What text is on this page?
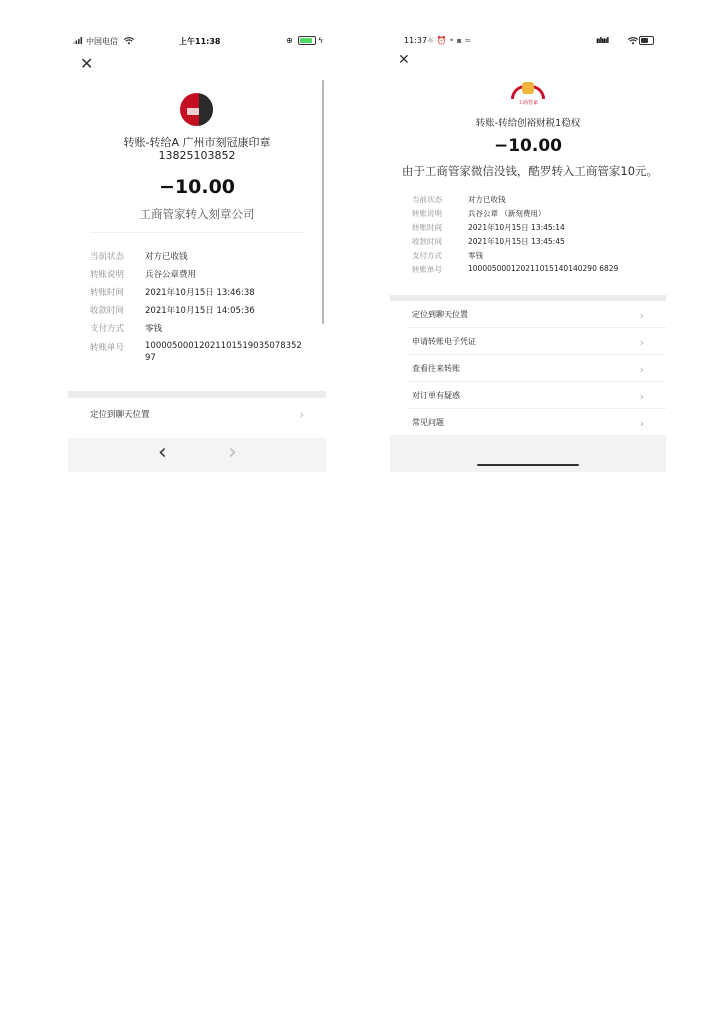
中国电信	上午11:38	⊕	ϟ
✕
转账-转给A 广州市刻冠康印章
13825103852
−10.00
工商管家转入刻章公司
当前状态 对方已收钱
转账说明 兵谷公章费用
转账时间 2021年10月15日 13:46:38
收款时间 2021年10月15日 14:05:36
支付方式 零钱
转账单号 10000500012021101519035078352
97
定位到聊天位置	›
‹	›
11:37 ☼ ⏰ • ▪ ≈	ıılıııl
✕
工商管家
转账-转给创裕财税1稳权
−10.00
由于工商管家微信没钱，酷罗转入工商管家10元。
当前状态	对方已收钱
转账说明	兵谷公章 （新刻费用）
转账时间	2021年10月15日 13:45:14
收款时间	2021年10月15日 13:45:45
支付方式	零钱
转账单号	100005000120211015140140290 6829
定位到聊天位置	›
申请转账电子凭证	›
查看往来转账	›
对订单有疑惑	›
常见问题	›
